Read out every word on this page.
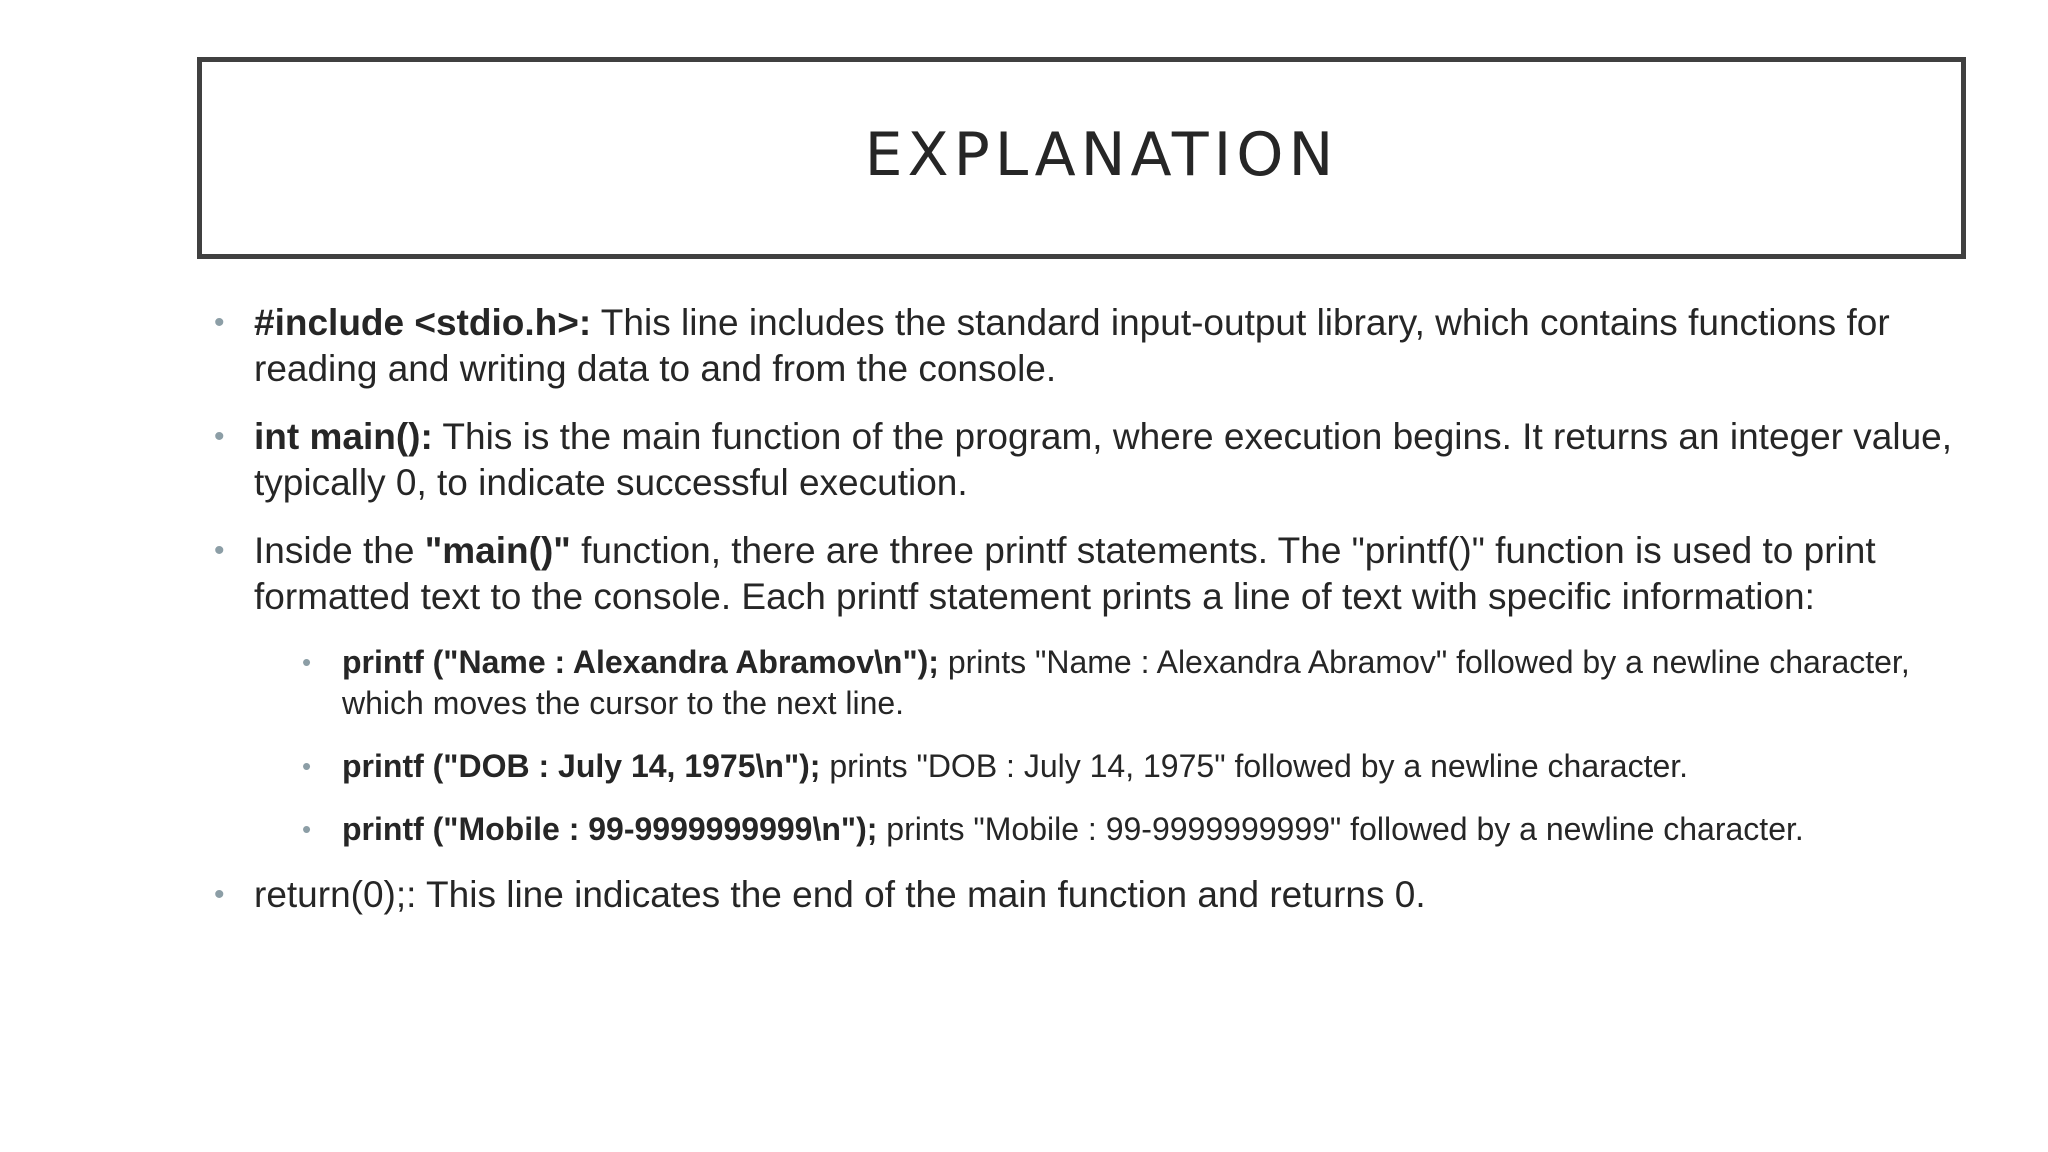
EXPLANATION
• #include <stdio.h>: This line includes the standard input-output library, which contains functions for reading and writing data to and from the console.
• int main(): This is the main function of the program, where execution begins. It returns an integer value, typically 0, to indicate successful execution.
• Inside the "main()" function, there are three printf statements. The "printf()" function is used to print formatted text to the console. Each printf statement prints a line of text with specific information:
• printf ("Name : Alexandra Abramov\n"); prints "Name : Alexandra Abramov" followed by a newline character, which moves the cursor to the next line.
• printf ("DOB : July 14, 1975\n"); prints "DOB : July 14, 1975" followed by a newline character.
• printf ("Mobile : 99-9999999999\n"); prints "Mobile : 99-9999999999" followed by a newline character.
• return(0);: This line indicates the end of the main function and returns 0.
